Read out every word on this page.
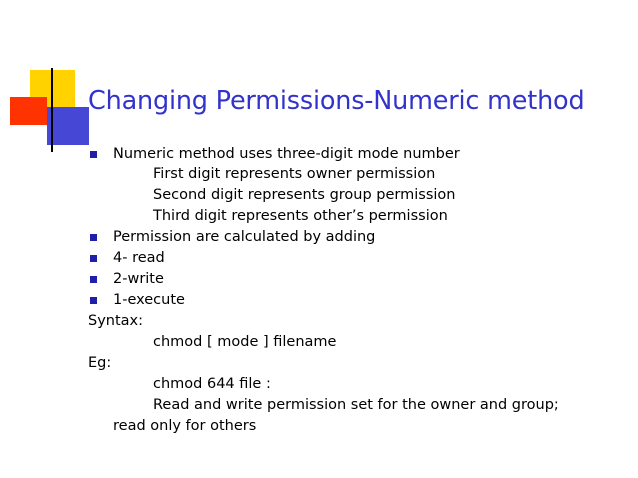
Changing Permissions-Numeric method
Numeric method uses three-digit mode number
First digit represents owner permission
Second digit represents group permission
Third digit represents other’s permission
Permission are calculated by adding
4- read
2-write
1-execute
Syntax:
chmod [ mode ] filename
Eg:
chmod 644 file :
Read and write permission set for the owner and group; read only for others
